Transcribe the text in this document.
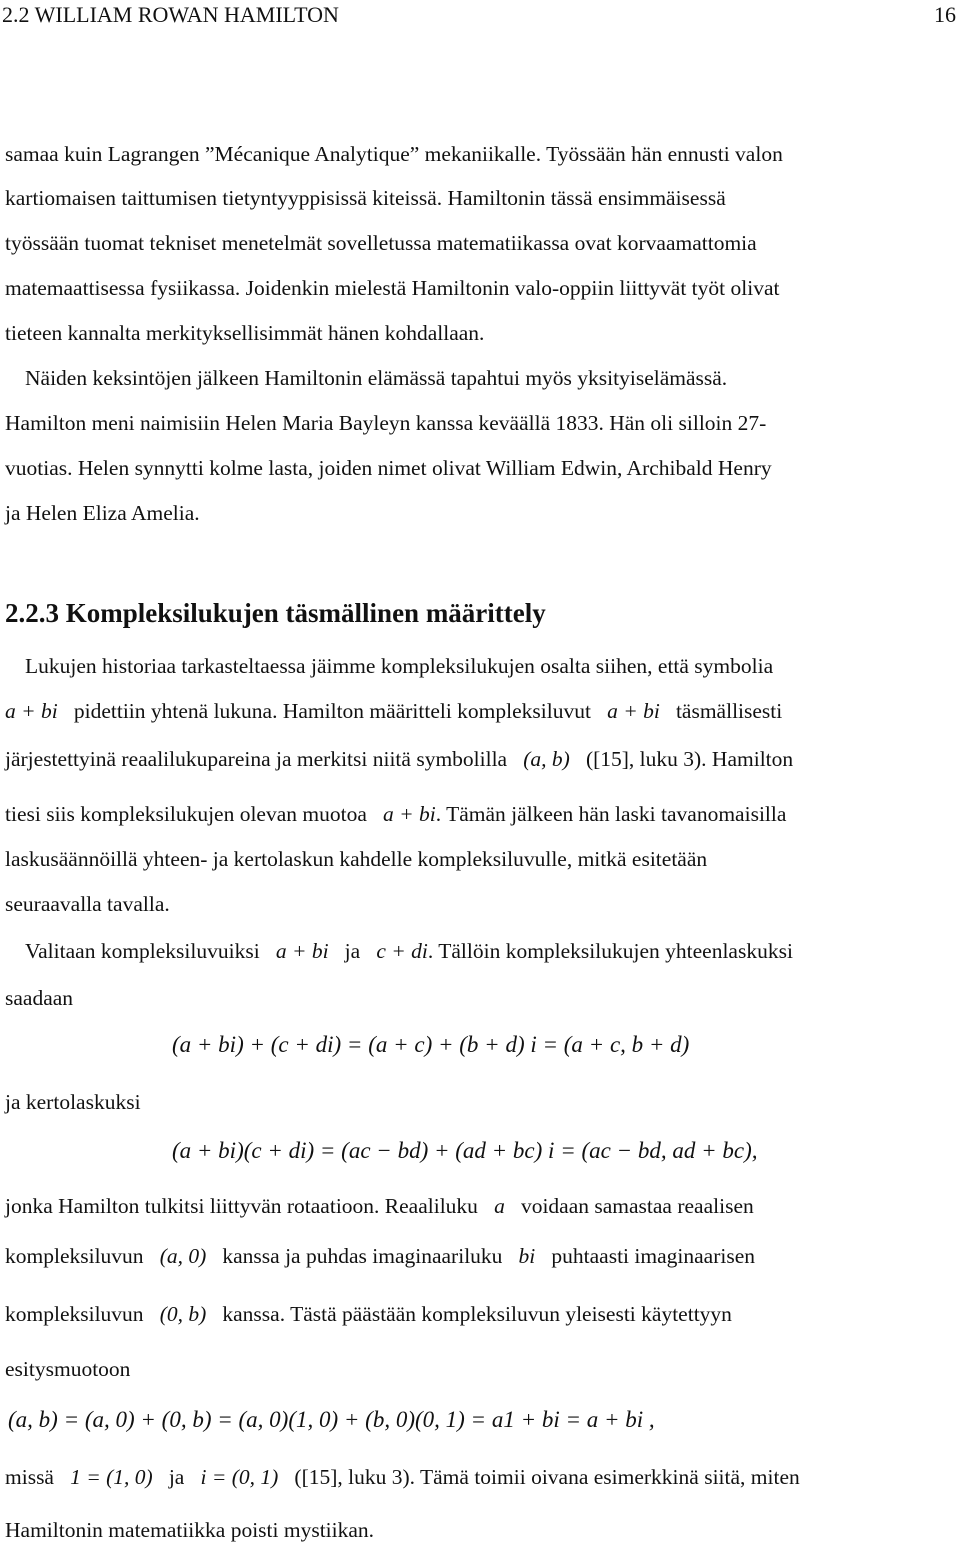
2.2 WILLIAM ROWAN HAMILTON	16
samaa kuin Lagrangen ”Mécanique Analytique” mekaniikalle. Työssään hän ennusti valon
kartiomaisen taittumisen tietyntyyppisissä kiteissä. Hamiltonin tässä ensimmäisessä
työssään tuomat tekniset menetelmät sovelletussa matematiikassa ovat korvaamattomia
matemaattisessa fysiikassa. Joidenkin mielestä Hamiltonin valo-oppiin liittyvät työt olivat
tieteen kannalta merkityksellisimmät hänen kohdallaan.
Näiden keksintöjen jälkeen Hamiltonin elämässä tapahtui myös yksityiselämässä.
Hamilton meni naimisiin Helen Maria Bayleyn kanssa keväällä 1833. Hän oli silloin 27-
vuotias. Helen synnytti kolme lasta, joiden nimet olivat William Edwin, Archibald Henry
ja Helen Eliza Amelia.
2.2.3 Kompleksilukujen täsmällinen määrittely
Lukujen historiaa tarkasteltaessa jäimme kompleksilukujen osalta siihen, että symbolia
a + bi pidettiin yhtenä lukuna. Hamilton määritteli kompleksiluvut a + bi täsmällisesti
järjestettyinä reaalilukupareina ja merkitsi niitä symbolilla (a, b) ([15], luku 3). Hamilton
tiesi siis kompleksilukujen olevan muotoa a + bi. Tämän jälkeen hän laski tavanomaisilla
laskusäännöillä yhteen- ja kertolaskun kahdelle kompleksiluvulle, mitkä esitetään
seuraavalla tavalla.
Valitaan kompleksiluvuiksi a + bi ja c + di. Tällöin kompleksilukujen yhteenlaskuksi
saadaan
(a + bi) + (c + di) = (a + c) + (b + d) i = (a + c, b + d)
ja kertolaskuksi
(a + bi)(c + di) = (ac − bd) + (ad + bc) i = (ac − bd, ad + bc),
jonka Hamilton tulkitsi liittyvän rotaatioon. Reaaliluku a voidaan samastaa reaalisen
kompleksiluvun (a, 0) kanssa ja puhdas imaginaariluku bi puhtaasti imaginaarisen
kompleksiluvun (0, b) kanssa. Tästä päästään kompleksiluvun yleisesti käytettyyn
esitysmuotoon
(a, b) = (a, 0) + (0, b) = (a, 0)(1, 0) + (b, 0)(0, 1) = a1 + bi = a + bi ,
missä 1 = (1, 0) ja i = (0, 1) ([15], luku 3). Tämä toimii oivana esimerkkinä siitä, miten
Hamiltonin matematiikka poisti mystiikan.
